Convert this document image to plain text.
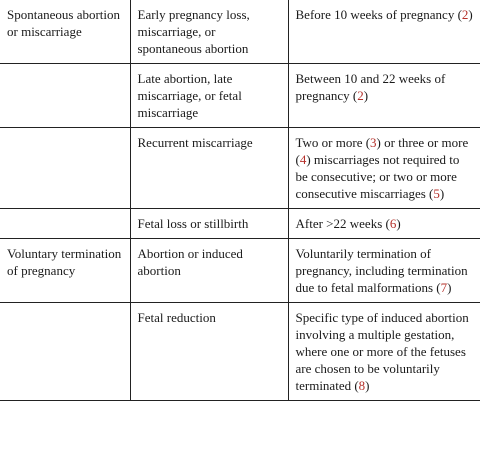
Spontaneous abortion or miscarriage	Early pregnancy loss, miscarriage, or spontaneous abortion	Before 10 weeks of pregnancy (2)
	Late abortion, late miscarriage, or fetal miscarriage	Between 10 and 22 weeks of pregnancy (2)
	Recurrent miscarriage	Two or more (3) or three or more (4) miscarriages not required to be consecutive; or two or more consecutive miscarriages (5)
	Fetal loss or stillbirth	After >22 weeks (6)
Voluntary termination of pregnancy	Abortion or induced abortion	Voluntarily termination of pregnancy, including termination due to fetal malformations (7)
	Fetal reduction	Specific type of induced abortion involving a multiple gestation, where one or more of the fetuses are chosen to be voluntarily terminated (8)
